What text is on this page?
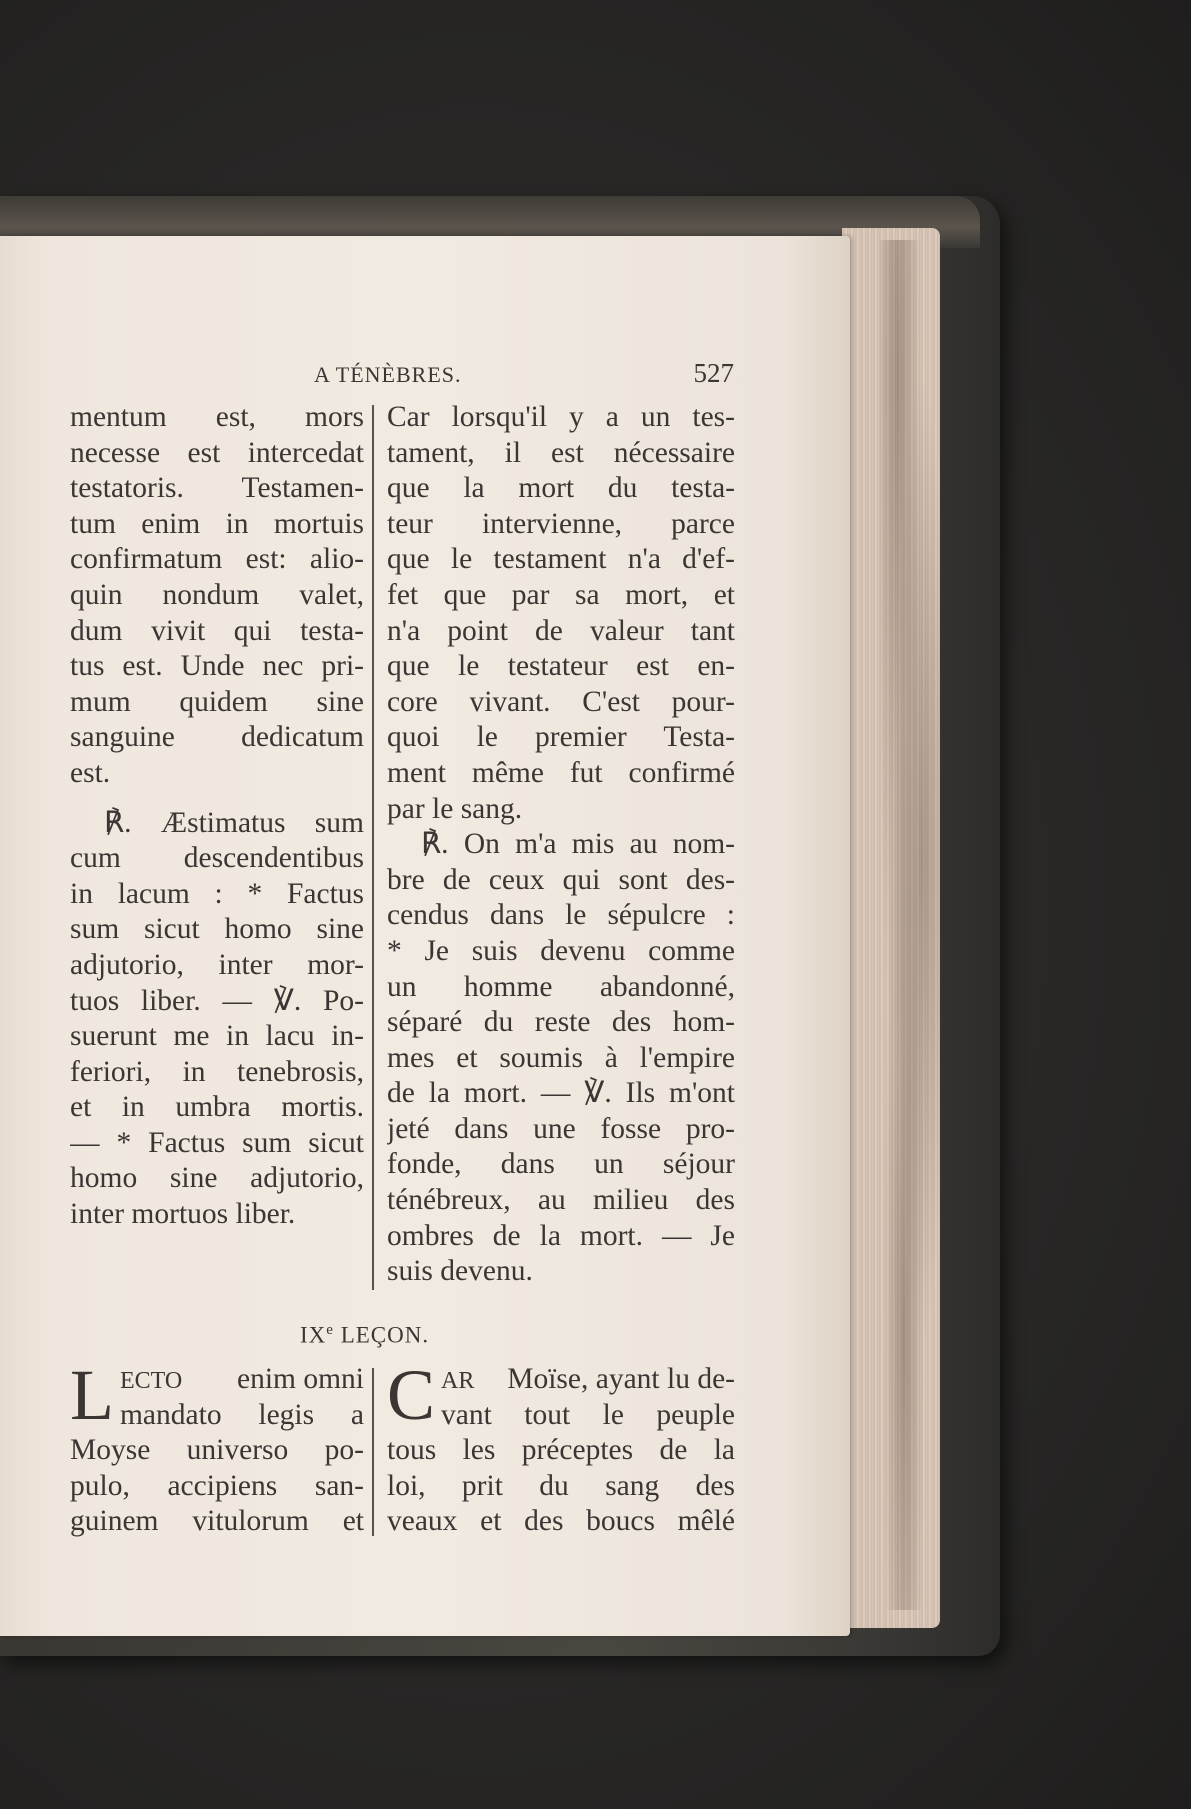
A TÉNÈBRES.	527
mentum est, mors
necesse est intercedat
testatoris. Testamen-
tum enim in mortuis
confirmatum est: alio-
quin nondum valet,
dum vivit qui testa-
tus est. Unde nec pri-
mum quidem sine
sanguine dedicatum
est.
℟. Æstimatus sum
cum descendentibus
in lacum : * Factus
sum sicut homo sine
adjutorio, inter mor-
tuos liber. — ℣. Po-
suerunt me in lacu in-
feriori, in tenebrosis,
et in umbra mortis.
— * Factus sum sicut
homo sine adjutorio,
inter mortuos liber.
Car lorsqu'il y a un tes-
tament, il est nécessaire
que la mort du testa-
teur intervienne, parce
que le testament n'a d'ef-
fet que par sa mort, et
n'a point de valeur tant
que le testateur est en-
core vivant. C'est pour-
quoi le premier Testa-
ment même fut confirmé
par le sang.
℟. On m'a mis au nom-
bre de ceux qui sont des-
cendus dans le sépulcre :
* Je suis devenu comme
un homme abandonné,
séparé du reste des hom-
mes et soumis à l'empire
de la mort. — ℣. Ils m'ont
jeté dans une fosse pro-
fonde, dans un séjour
ténébreux, au milieu des
ombres de la mort. — Je
suis devenu.
IXe LEÇON.
L ECTO enim omni
mandato legis a
Moyse universo po-
pulo, accipiens san-
guinem vitulorum et
C AR Moïse, ayant lu de-
vant tout le peuple
tous les préceptes de la
loi, prit du sang des
veaux et des boucs mêlé
